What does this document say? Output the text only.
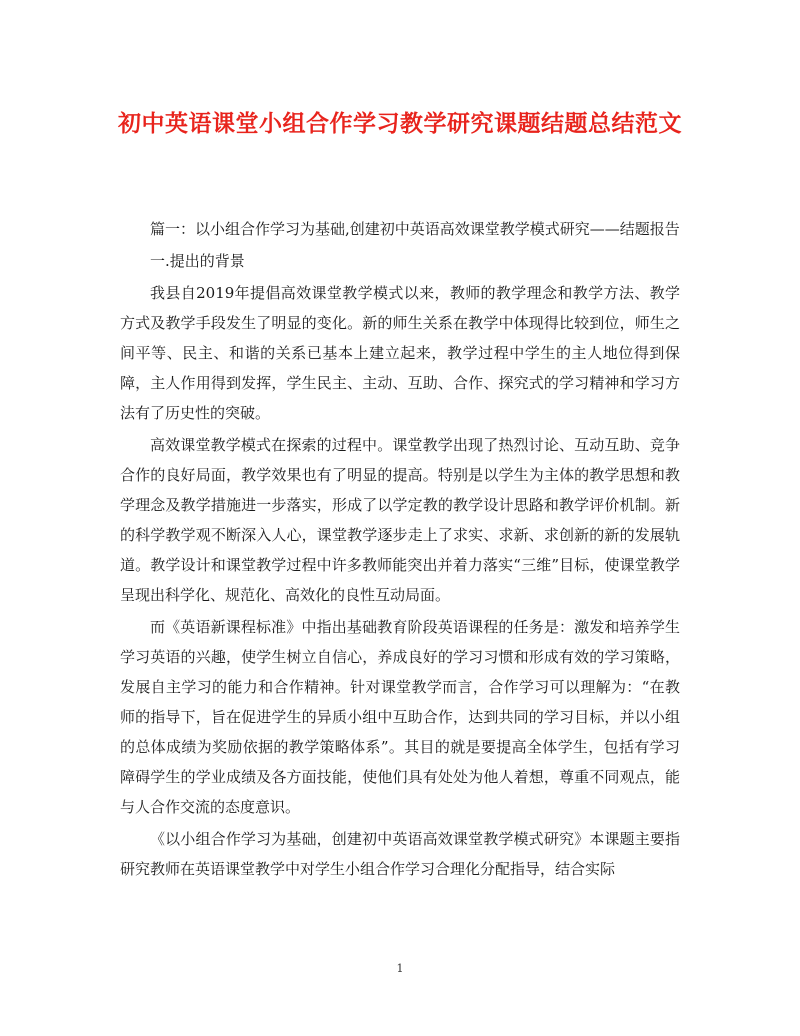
初中英语课堂小组合作学习教学研究课题结题总结范文

篇一：以小组合作学习为基础,创建初中英语高效课堂教学模式研究——结题报告

一.提出的背景

我县自2019年提倡高效课堂教学模式以来，教师的教学理念和教学方法、教学方式及教学手段发生了明显的变化。新的师生关系在教学中体现得比较到位，师生之间平等、民主、和谐的关系已基本上建立起来，教学过程中学生的主人地位得到保障，主人作用得到发挥，学生民主、主动、互助、合作、探究式的学习精神和学习方法有了历史性的突破。

高效课堂教学模式在探索的过程中。课堂教学出现了热烈讨论、互动互助、竞争合作的良好局面，教学效果也有了明显的提高。特别是以学生为主体的教学思想和教学理念及教学措施进一步落实，形成了以学定教的教学设计思路和教学评价机制。新的科学教学观不断深入人心，课堂教学逐步走上了求实、求新、求创新的新的发展轨道。教学设计和课堂教学过程中许多教师能突出并着力落实“三维”目标，使课堂教学呈现出科学化、规范化、高效化的良性互动局面。

而《英语新课程标准》中指出基础教育阶段英语课程的任务是：激发和培养学生学习英语的兴趣，使学生树立自信心，养成良好的学习习惯和形成有效的学习策略，发展自主学习的能力和合作精神。针对课堂教学而言，合作学习可以理解为：“在教师的指导下，旨在促进学生的异质小组中互助合作，达到共同的学习目标，并以小组的总体成绩为奖励依据的教学策略体系”。其目的就是要提高全体学生，包括有学习障碍学生的学业成绩及各方面技能，使他们具有处处为他人着想，尊重不同观点，能与人合作交流的态度意识。

《以小组合作学习为基础，创建初中英语高效课堂教学模式研究》本课题主要指研究教师在英语课堂教学中对学生小组合作学习合理化分配指导，结合实际

1
